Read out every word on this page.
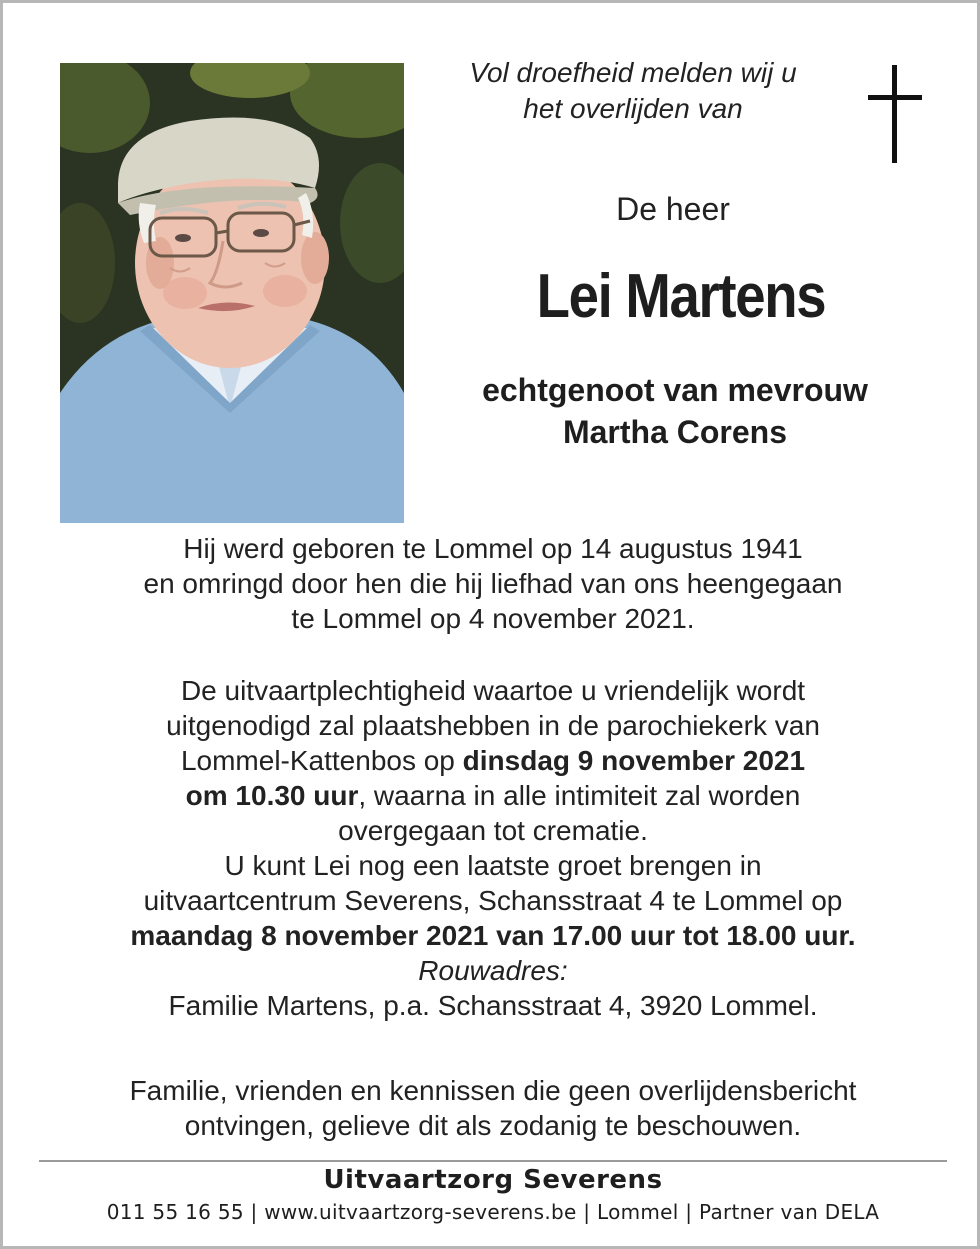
Vol droefheid melden wij u
het overlijden van
De heer
Lei Martens
echtgenoot van mevrouw
Martha Corens
Hij werd geboren te Lommel op 14 augustus 1941
en omringd door hen die hij liefhad van ons heengegaan
te Lommel op 4 november 2021.
De uitvaartplechtigheid waartoe u vriendelijk wordt
uitgenodigd zal plaatshebben in de parochiekerk van
Lommel-Kattenbos op dinsdag 9 november 2021
om 10.30 uur, waarna in alle intimiteit zal worden
overgegaan tot crematie.
U kunt Lei nog een laatste groet brengen in
uitvaartcentrum Severens, Schansstraat 4 te Lommel op
maandag 8 november 2021 van 17.00 uur tot 18.00 uur.
Rouwadres:
Familie Martens, p.a. Schansstraat 4, 3920 Lommel.
Familie, vrienden en kennissen die geen overlijdensbericht
ontvingen, gelieve dit als zodanig te beschouwen.
Uitvaartzorg Severens
011 55 16 55 | www.uitvaartzorg-severens.be | Lommel | Partner van DELA
